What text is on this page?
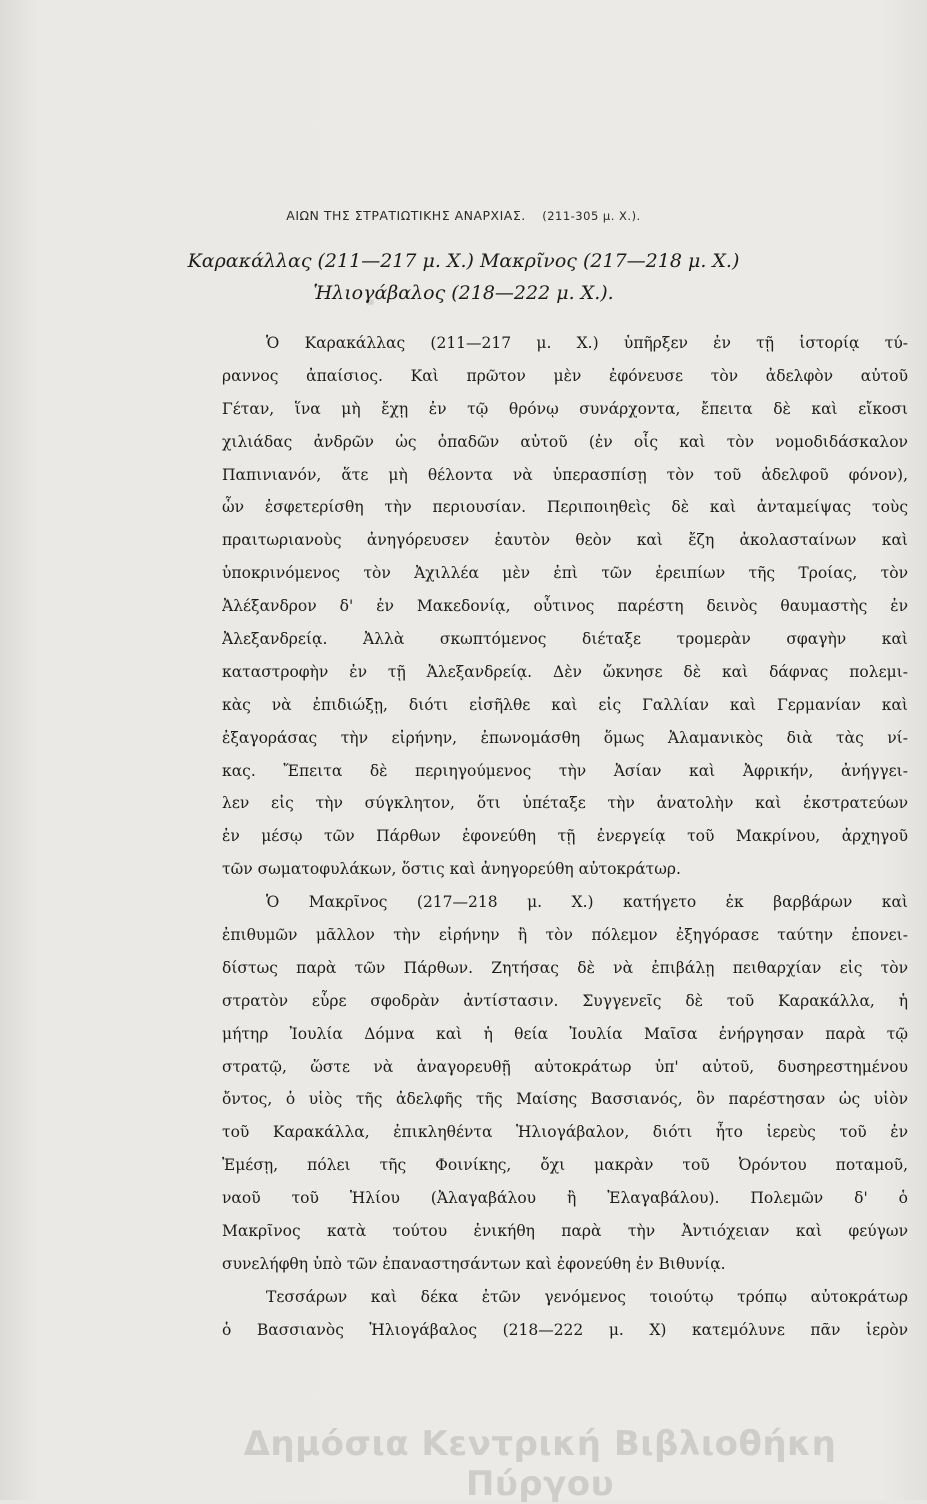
ΑΙΩΝ ΤΗΣ ΣΤΡΑΤΙΩΤΙΚΗΣ ΑΝΑΡΧΙΑΣ. (211-305 μ. Χ.).
Καρακάλλας (211—217 μ. Χ.) Μακρῖνος (217—218 μ. Χ.)
Ἡλιογάβαλος (218—222 μ. Χ.).
Ὁ Καρακάλλας (211—217 μ. Χ.) ὑπῆρξεν ἐν τῇ ἱστορίᾳ τύ-
ραννος ἀπαίσιος. Καὶ πρῶτον μὲν ἐφόνευσε τὸν ἀδελφὸν αὐτοῦ
Γέταν, ἵνα μὴ ἔχῃ ἐν τῷ θρόνῳ συνάρχοντα, ἔπειτα δὲ καὶ εἴκοσι
χιλιάδας ἀνδρῶν ὡς ὀπαδῶν αὐτοῦ (ἐν οἷς καὶ τὸν νομοδιδάσκαλον
Παπινιανόν, ἅτε μὴ θέλοντα νὰ ὑπερασπίσῃ τὸν τοῦ ἀδελφοῦ φόνον),
ὧν ἐσφετερίσθη τὴν περιουσίαν. Περιποιηθεὶς δὲ καὶ ἀνταμείψας τοὺς
πραιτωριανοὺς ἀνηγόρευσεν ἑαυτὸν θεὸν καὶ ἔζη ἀκολασταίνων καὶ
ὑποκρινόμενος τὸν Ἀχιλλέα μὲν ἐπὶ τῶν ἐρειπίων τῆς Τροίας, τὸν
Ἀλέξανδρον δ' ἐν Μακεδονίᾳ, οὗτινος παρέστη δεινὸς θαυμαστὴς ἐν
Ἀλεξανδρείᾳ. Ἀλλὰ σκωπτόμενος διέταξε τρομερὰν σφαγὴν καὶ
καταστροφὴν ἐν τῇ Ἀλεξανδρείᾳ. Δὲν ὤκνησε δὲ καὶ δάφνας πολεμι-
κὰς νὰ ἐπιδιώξῃ, διότι εἰσῆλθε καὶ εἰς Γαλλίαν καὶ Γερμανίαν καὶ
ἐξαγοράσας τὴν εἰρήνην, ἐπωνομάσθη ὅμως Ἀλαμανικὸς διὰ τὰς νί-
κας. Ἔπειτα δὲ περιηγούμενος τὴν Ἀσίαν καὶ Ἀφρικήν, ἀνήγγει-
λεν εἰς τὴν σύγκλητον, ὅτι ὑπέταξε τὴν ἀνατολὴν καὶ ἐκστρατεύων
ἐν μέσῳ τῶν Πάρθων ἐφονεύθη τῇ ἐνεργείᾳ τοῦ Μακρίνου, ἀρχηγοῦ
τῶν σωματοφυλάκων, ὅστις καὶ ἀνηγορεύθη αὐτοκράτωρ.
Ὁ Μακρῖνος (217—218 μ. Χ.) κατήγετο ἐκ βαρβάρων καὶ
ἐπιθυμῶν μᾶλλον τὴν εἰρήνην ἢ τὸν πόλεμον ἐξηγόρασε ταύτην ἐπονει-
δίστως παρὰ τῶν Πάρθων. Ζητήσας δὲ νὰ ἐπιβάλῃ πειθαρχίαν εἰς τὸν
στρατὸν εὗρε σφοδρὰν ἀντίστασιν. Συγγενεῖς δὲ τοῦ Καρακάλλα, ἡ
μήτηρ Ἰουλία Δόμνα καὶ ἡ θεία Ἰουλία Μαῖσα ἐνήργησαν παρὰ τῷ
στρατῷ, ὥστε νὰ ἀναγορευθῇ αὐτοκράτωρ ὑπ' αὐτοῦ, δυσηρεστημένου
ὄντος, ὁ υἱὸς τῆς ἀδελφῆς τῆς Μαίσης Βασσιανός, ὃν παρέστησαν ὡς υἱὸν
τοῦ Καρακάλλα, ἐπικληθέντα Ἡλιογάβαλον, διότι ἦτο ἱερεὺς τοῦ ἐν
Ἐμέσῃ, πόλει τῆς Φοινίκης, ὄχι μακρὰν τοῦ Ὀρόντου ποταμοῦ,
ναοῦ τοῦ Ἡλίου (Ἀλαγαβάλου ἢ Ἐλαγαβάλου). Πολεμῶν δ' ὁ
Μακρῖνος κατὰ τούτου ἐνικήθη παρὰ τὴν Ἀντιόχειαν καὶ φεύγων
συνελήφθη ὑπὸ τῶν ἐπαναστησάντων καὶ ἐφονεύθη ἐν Βιθυνίᾳ.
Τεσσάρων καὶ δέκα ἐτῶν γενόμενος τοιούτῳ τρόπῳ αὐτοκράτωρ
ὁ Βασσιανὸς Ἡλιογάβαλος (218—222 μ. Χ) κατεμόλυνε πᾶν ἱερὸν
Δημόσια Κεντρική Βιβλιοθήκη Πύργου
